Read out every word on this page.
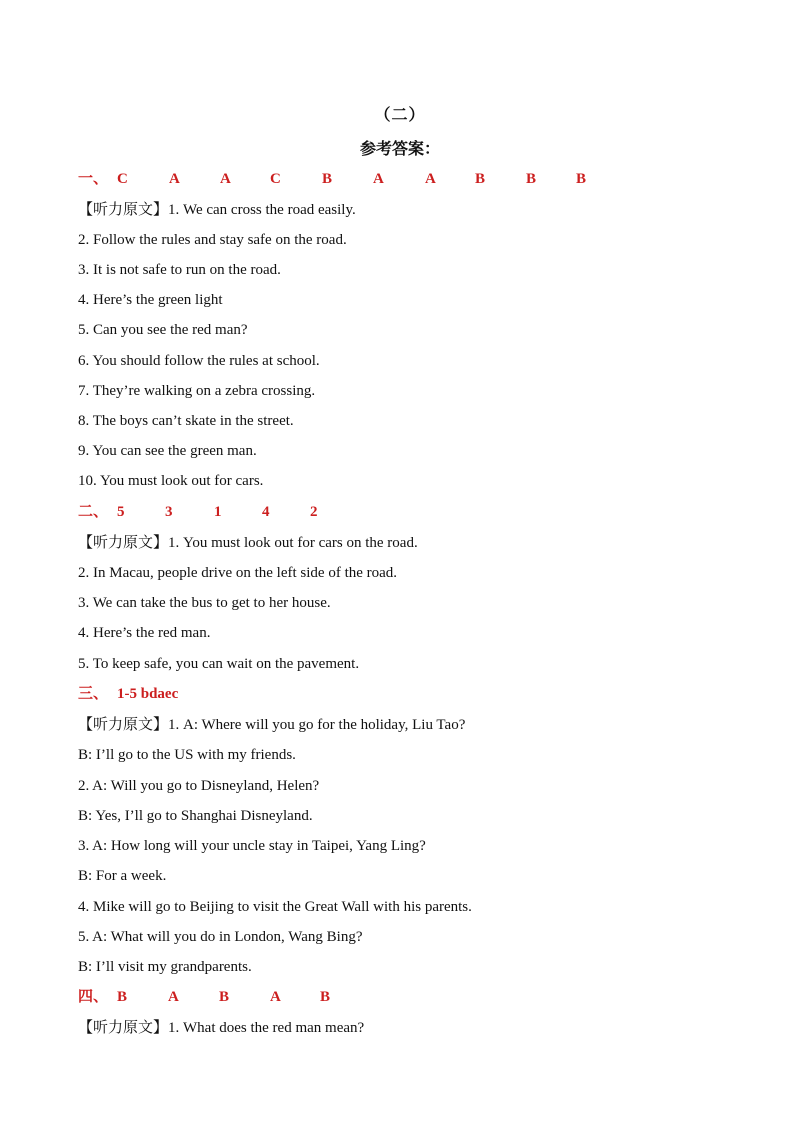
（二）
参考答案：
一、 C	A	A	C	B	A	A	B	B	B
【听力原文】1. We can cross the road easily.
2. Follow the rules and stay safe on the road.
3. It is not safe to run on the road.
4. Here’s the green light
5. Can you see the red man?
6. You should follow the rules at school.
7. They’re walking on a zebra crossing.
8. The boys can’t skate in the street.
9. You can see the green man.
10. You must look out for cars.
二、 5	3	1	4	2
【听力原文】1. You must look out for cars on the road.
2. In Macau, people drive on the left side of the road.
3. We can take the bus to get to her house.
4. Here’s the red man.
5. To keep safe, you can wait on the pavement.
三、 1-5 bdaec
【听力原文】1. A: Where will you go for the holiday, Liu Tao?
B: I’ll go to the US with my friends.
2. A: Will you go to Disneyland, Helen?
B: Yes, I’ll go to Shanghai Disneyland.
3. A: How long will your uncle stay in Taipei, Yang Ling?
B: For a week.
4. Mike will go to Beijing to visit the Great Wall with his parents.
5. A: What will you do in London, Wang Bing?
B: I’ll visit my grandparents.
四、 B	A	B	A	B
【听力原文】1. What does the red man mean?
